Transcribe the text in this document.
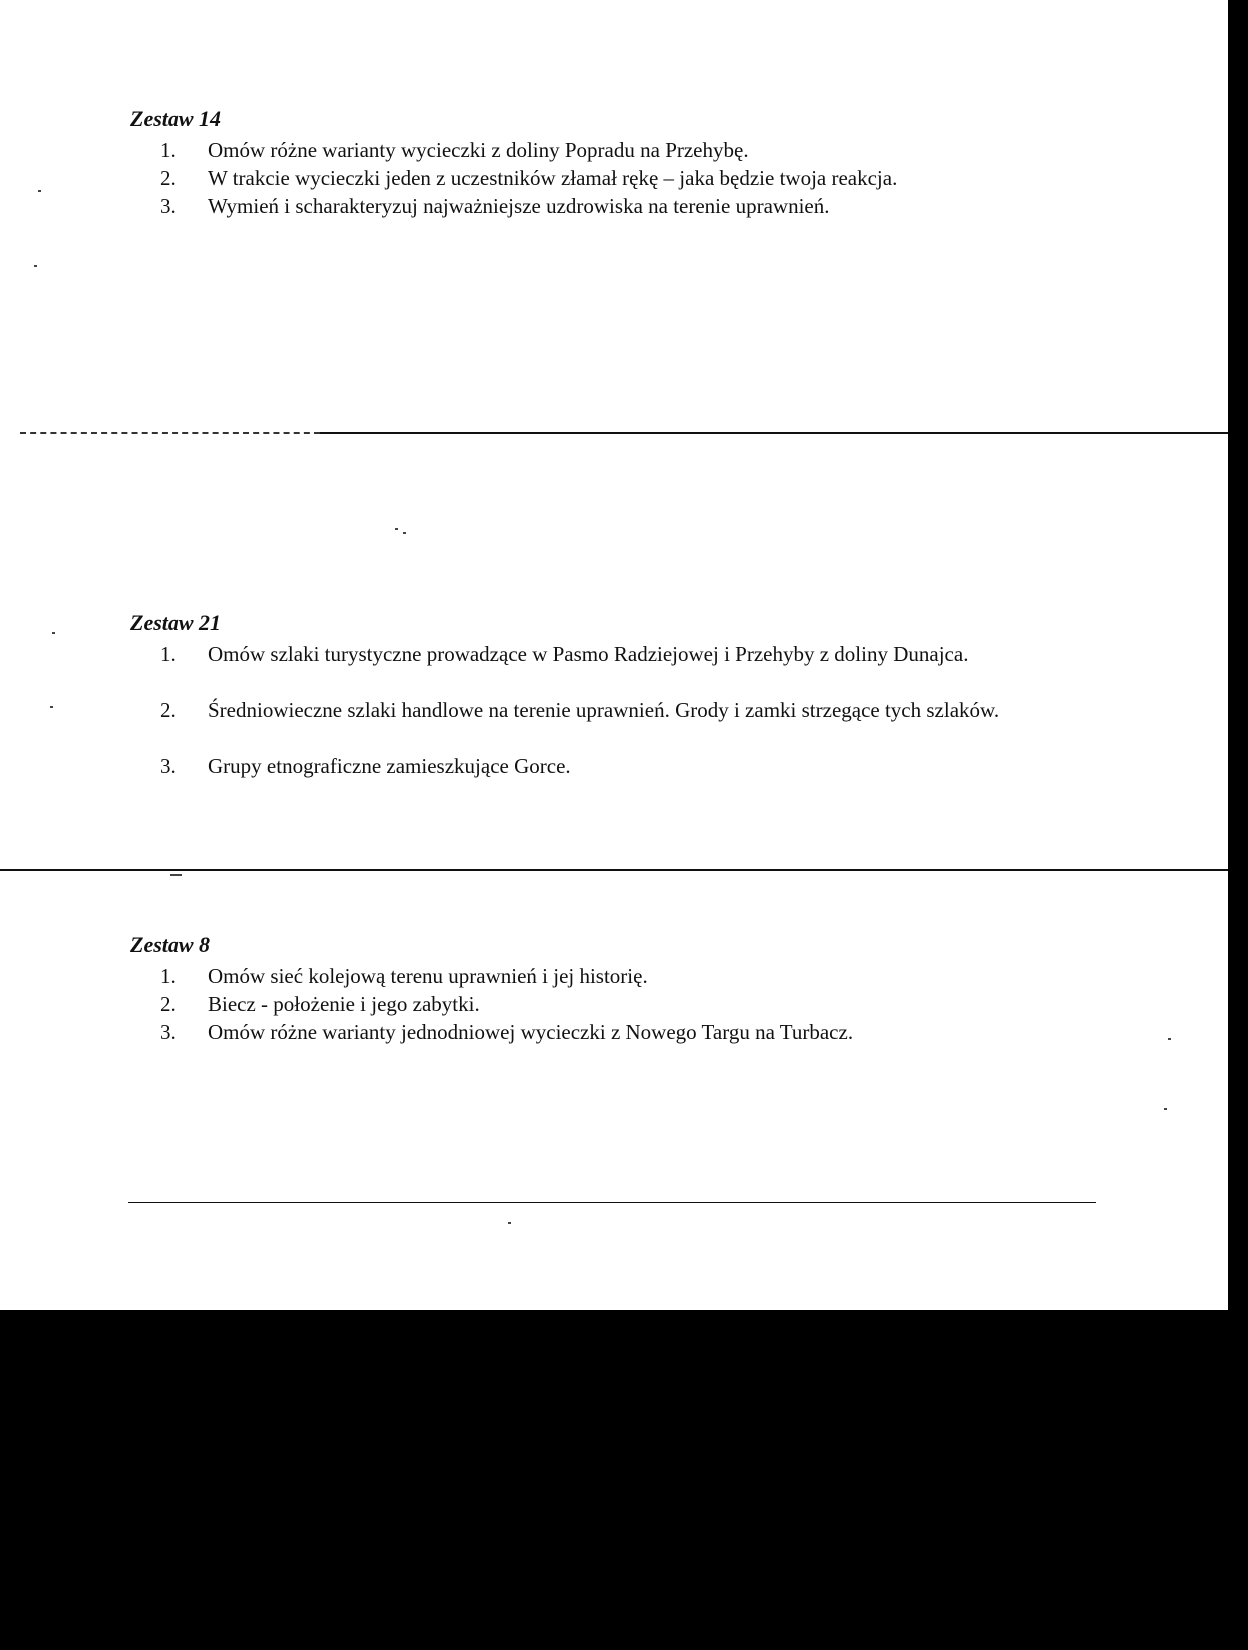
Zestaw 14
1.	Omów różne warianty wycieczki z doliny Popradu na Przehybę.
2.	W trakcie wycieczki jeden z uczestników złamał rękę – jaka będzie twoja reakcja.
3.	Wymień i scharakteryzuj najważniejsze uzdrowiska na terenie uprawnień.
Zestaw 21
1.	Omów szlaki turystyczne prowadzące w Pasmo Radziejowej i Przehyby z doliny Dunajca.
2.	Średniowieczne szlaki handlowe na terenie uprawnień. Grody i zamki strzegące tych szlaków.
3.	Grupy etnograficzne zamieszkujące Gorce.
Zestaw 8
1.	Omów sieć kolejową terenu uprawnień i jej historię.
2.	Biecz - położenie i jego zabytki.
3.	Omów różne warianty jednodniowej wycieczki z Nowego Targu na Turbacz.
